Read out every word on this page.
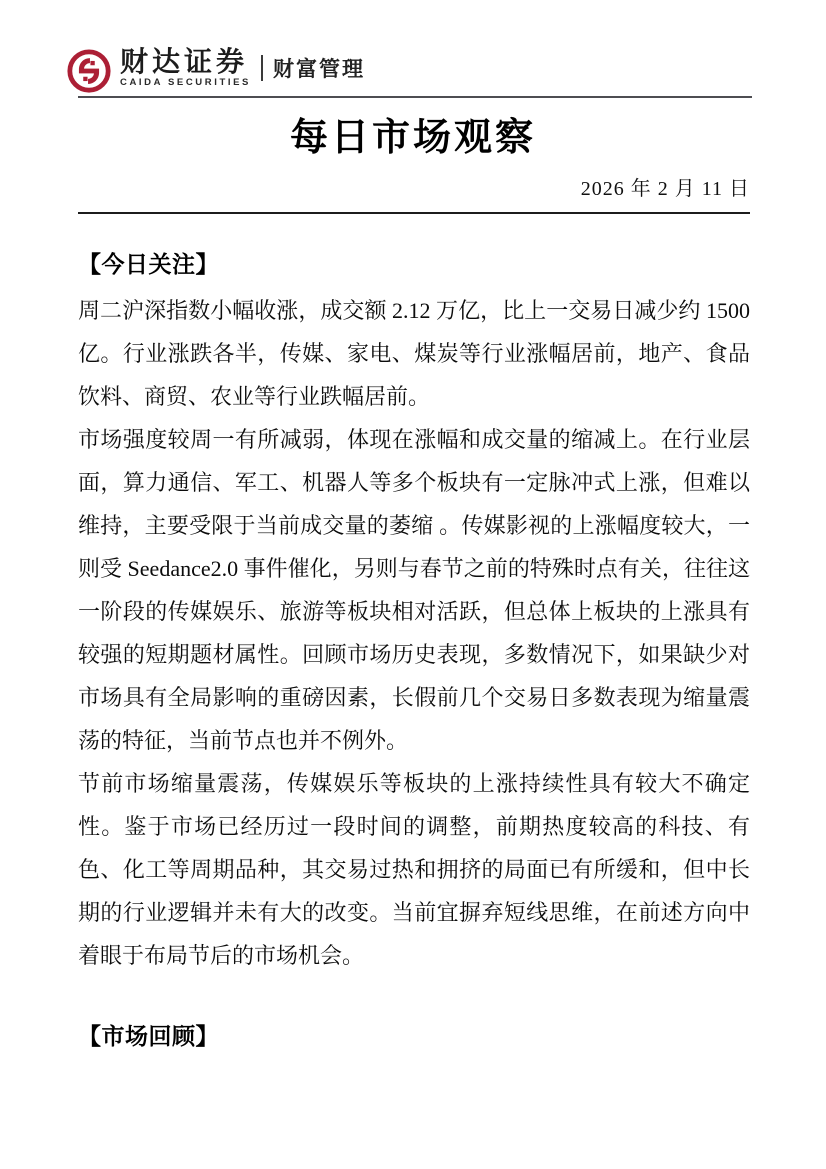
财达证券
CAIDA SECURITIES
财富管理
每日市场观察
2026 年 2 月 11 日
【今日关注】
周二沪深指数小幅收涨，成交额 2.12 万亿，比上一交易日减少约 1500 亿。行业涨跌各半，传媒、家电、煤炭等行业涨幅居前，地产、食品饮料、商贸、农业等行业跌幅居前。
市场强度较周一有所减弱，体现在涨幅和成交量的缩减上。在行业层面，算力通信、军工、机器人等多个板块有一定脉冲式上涨，但难以维持，主要受限于当前成交量的萎缩 。传媒影视的上涨幅度较大，一则受 Seedance2.0 事件催化，另则与春节之前的特殊时点有关，往往这一阶段的传媒娱乐、旅游等板块相对活跃，但总体上板块的上涨具有较强的短期题材属性。回顾市场历史表现，多数情况下，如果缺少对市场具有全局影响的重磅因素，长假前几个交易日多数表现为缩量震荡的特征，当前节点也并不例外。
节前市场缩量震荡，传媒娱乐等板块的上涨持续性具有较大不确定性。鉴于市场已经历过一段时间的调整，前期热度较高的科技、有色、化工等周期品种，其交易过热和拥挤的局面已有所缓和，但中长期的行业逻辑并未有大的改变。当前宜摒弃短线思维，在前述方向中着眼于布局节后的市场机会。
【市场回顾】
